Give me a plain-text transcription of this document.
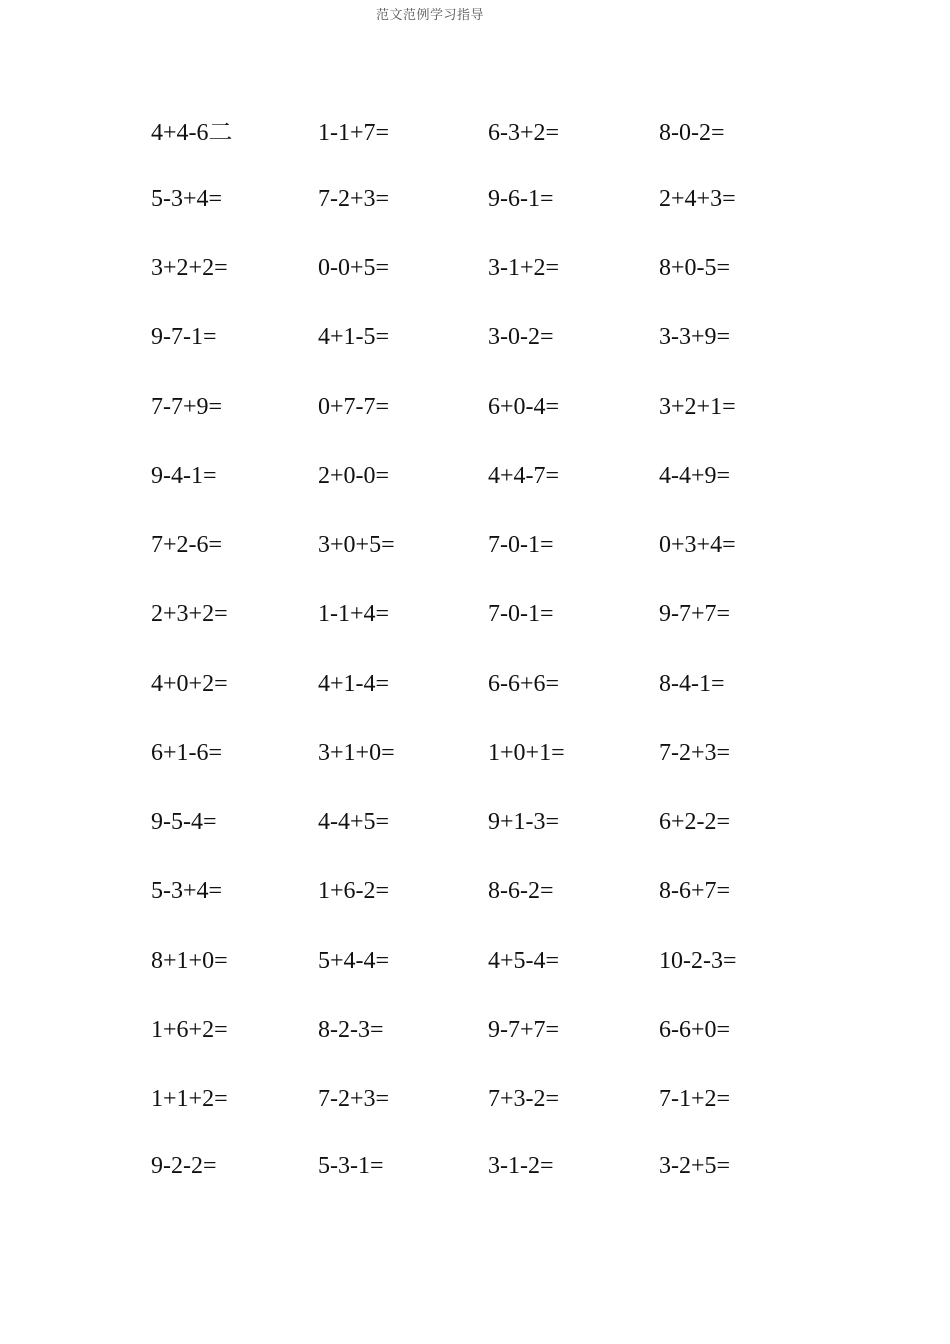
范文范例学习指导
4+4-6二	1-1+7=	6-3+2=	8-0-2=
5-3+4=	7-2+3=	9-6-1=	2+4+3=
3+2+2=	0-0+5=	3-1+2=	8+0-5=
9-7-1=	4+1-5=	3-0-2=	3-3+9=
7-7+9=	0+7-7=	6+0-4=	3+2+1=
9-4-1=	2+0-0=	4+4-7=	4-4+9=
7+2-6=	3+0+5=	7-0-1=	0+3+4=
2+3+2=	1-1+4=	7-0-1=	9-7+7=
4+0+2=	4+1-4=	6-6+6=	8-4-1=
6+1-6=	3+1+0=	1+0+1=	7-2+3=
9-5-4=	4-4+5=	9+1-3=	6+2-2=
5-3+4=	1+6-2=	8-6-2=	8-6+7=
8+1+0=	5+4-4=	4+5-4=	10-2-3=
1+6+2=	8-2-3=	9-7+7=	6-6+0=
1+1+2=	7-2+3=	7+3-2=	7-1+2=
9-2-2=	5-3-1=	3-1-2=	3-2+5=
